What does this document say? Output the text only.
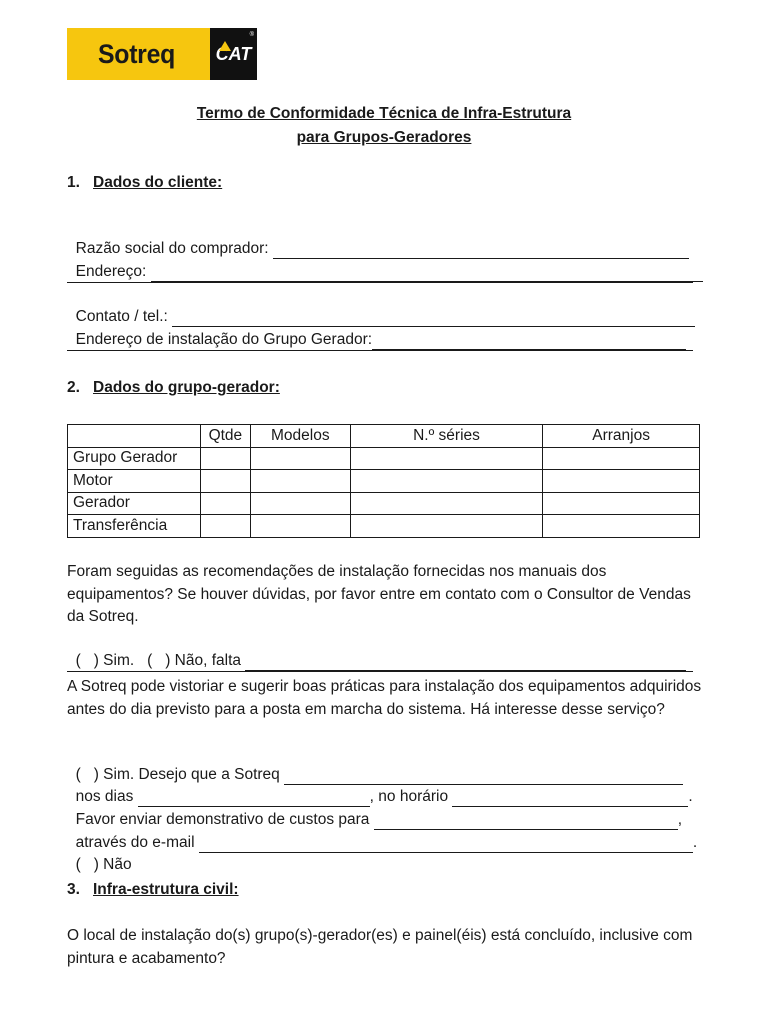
Sotreq CAT
®
Termo de Conformidade Técnica de Infra-Estrutura
para Grupos-Geradores
1. Dados do cliente:

Razão social do comprador:

Endereço:

Contato / tel.:

Endereço de instalação do Grupo Gerador:

2. Dados do grupo-gerador:
	Qtde	Modelos	N.º séries	Arranjos
Grupo Gerador				
Motor				
Gerador				
Transferência				
Foram seguidas as recomendações de instalação fornecidas nos manuais dos equipamentos? Se houver dúvidas, por favor entre em contato com o Consultor de Vendas da Sotreq.

(   ) Sim. (   ) Não, falta

A Sotreq pode vistoriar e sugerir boas práticas para instalação dos equipamentos adquiridos antes do dia previsto para a posta em marcha do sistema. Há interesse desse serviço?

(   ) Sim. Desejo que a Sotreq

nos dias	, no horário	.

Favor enviar demonstrativo de custos para	,

através do e-mail	.

(   ) Não

3. Infra-estrutura civil:
O local de instalação do(s) grupo(s)-gerador(es) e painel(éis) está concluído, inclusive com pintura e acabamento?
